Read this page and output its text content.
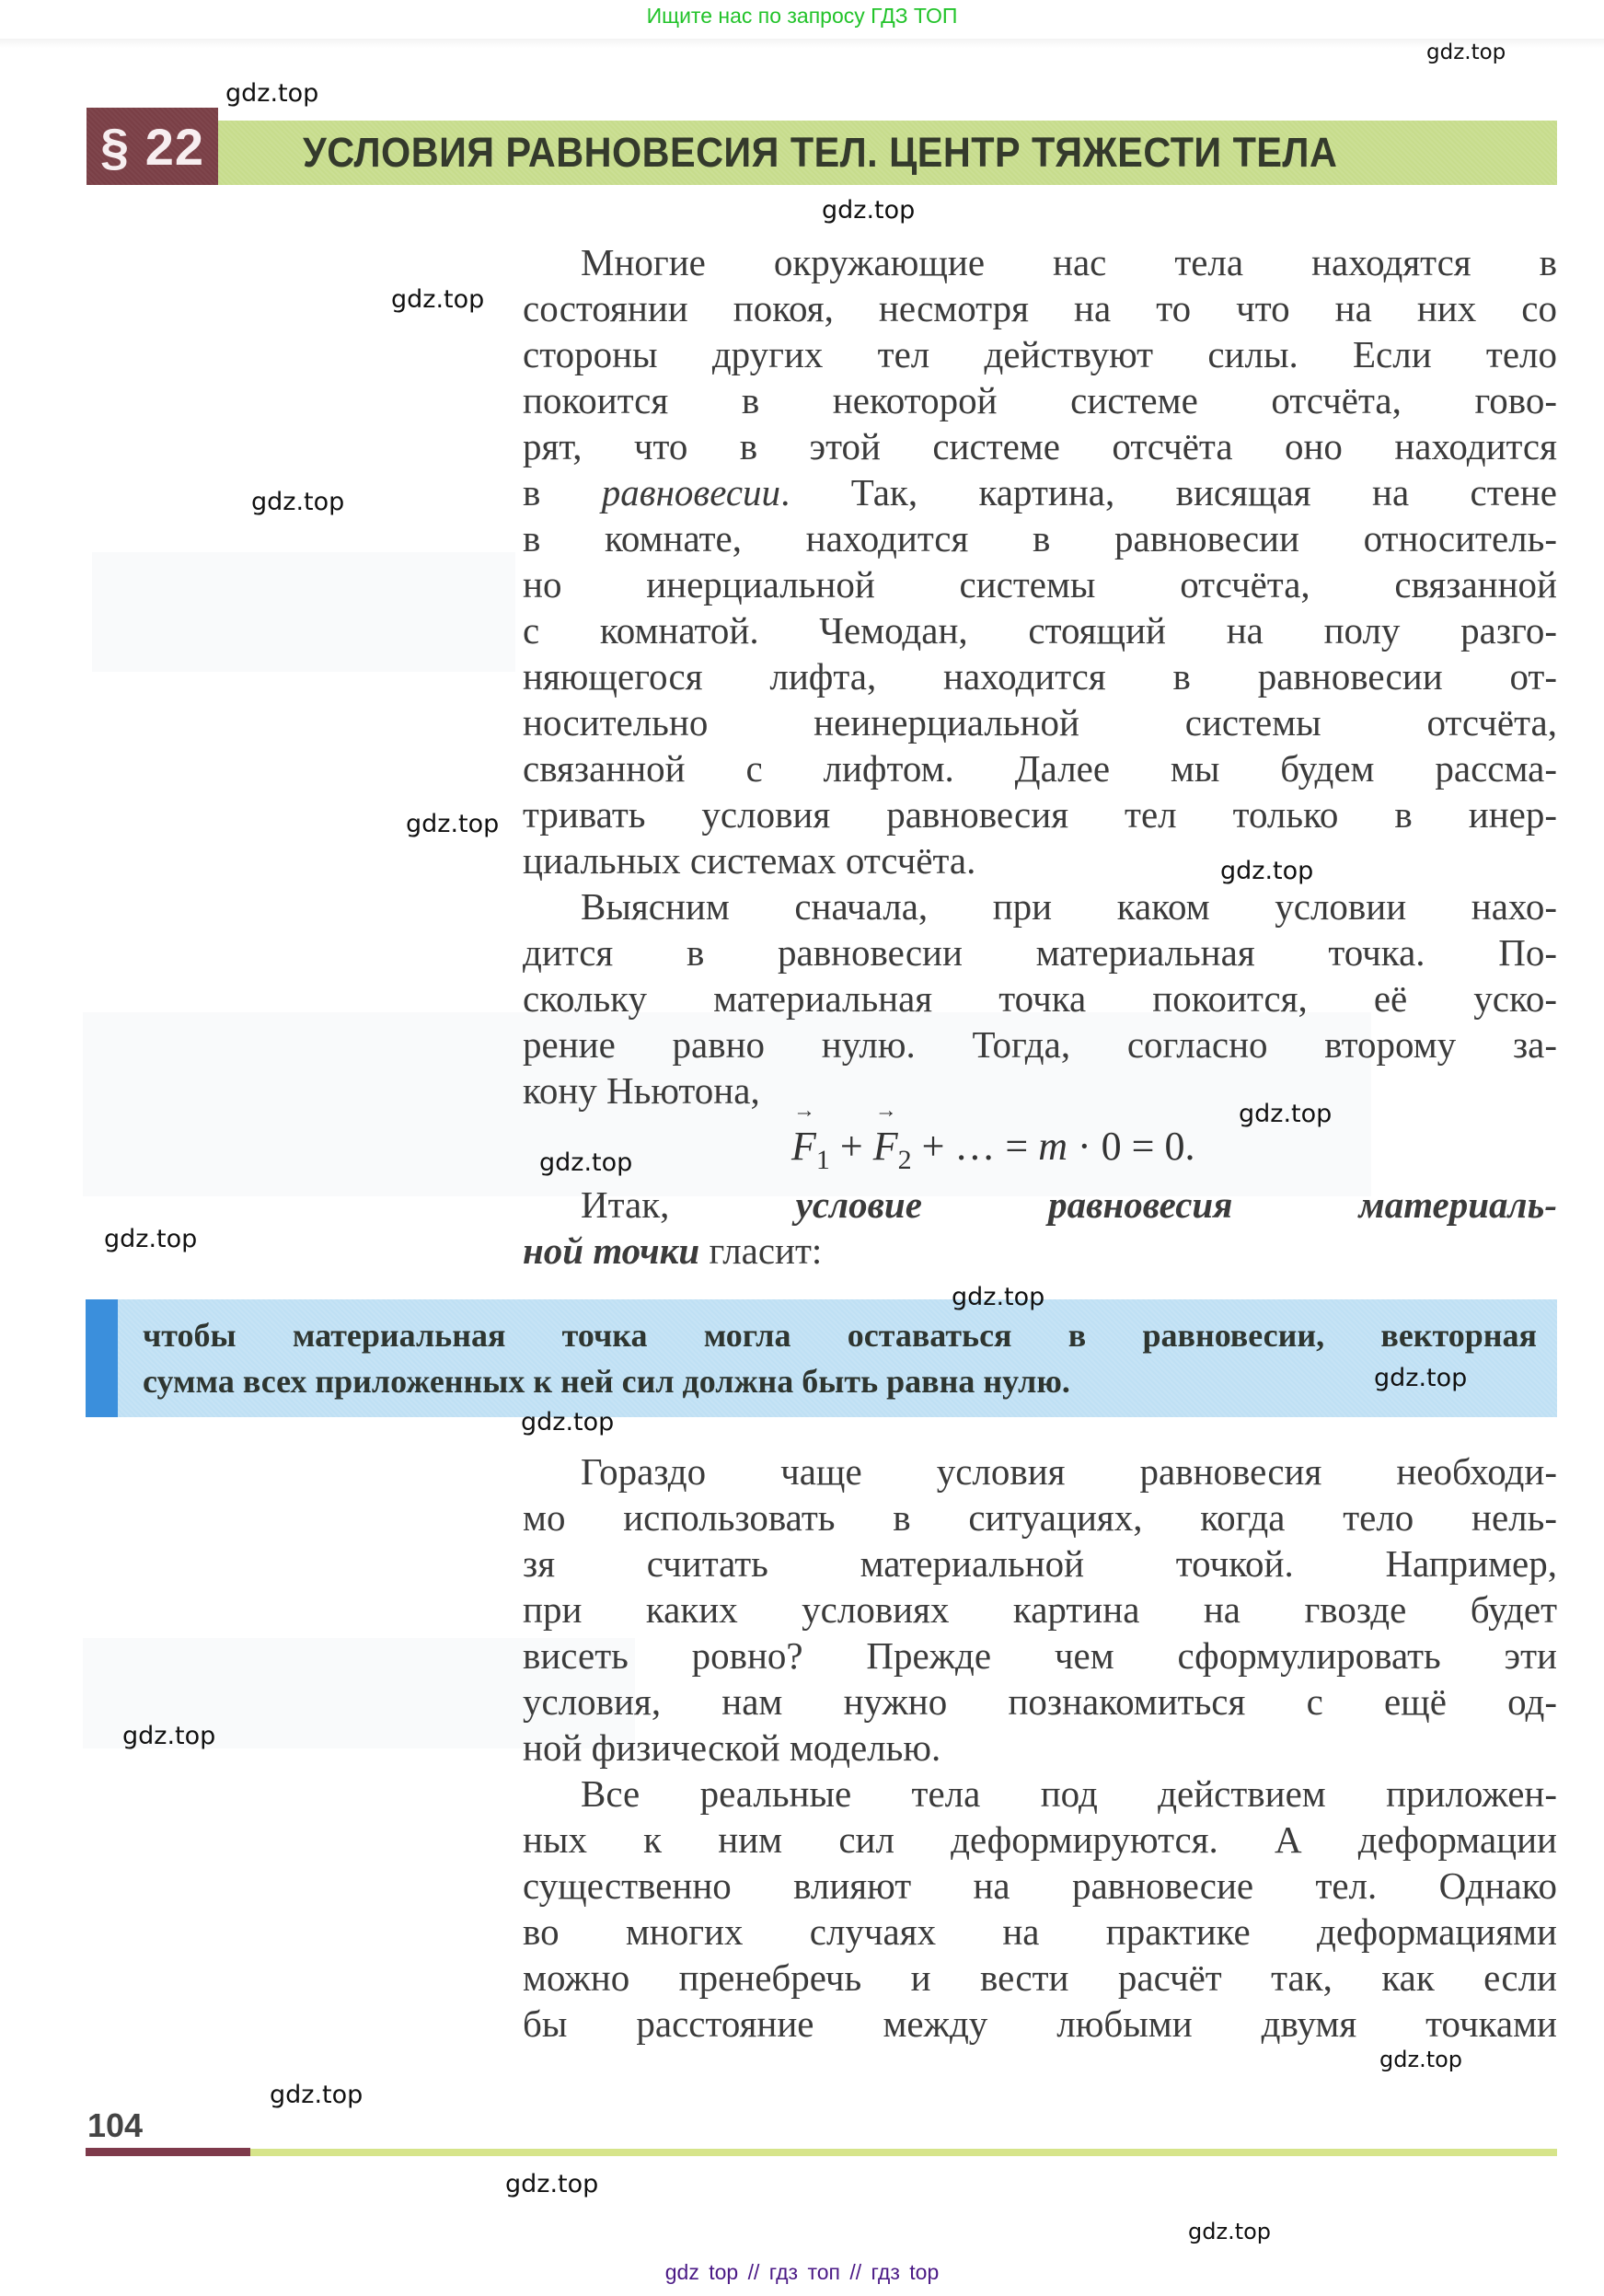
Ищите нас по запросу ГДЗ ТОП
§ 22	УСЛОВИЯ РАВНОВЕСИЯ ТЕЛ. ЦЕНТР ТЯЖЕСТИ ТЕЛА
Многие окружающие нас тела находятся в
состоянии покоя, несмотря на то что на них со
стороны других тел действуют силы. Если тело
покоится в некоторой системе отсчёта, гово-
рят, что в этой системе отсчёта оно находится
в равновесии. Так, картина, висящая на стене
в комнате, находится в равновесии относитель-
но инерциальной системы отсчёта, связанной
с комнатой. Чемодан, стоящий на полу разго-
няющегося лифта, находится в равновесии от-
носительно неинерциальной системы отсчёта,
связанной с лифтом. Далее мы будем рассма-
тривать условия равновесия тел только в инер-
циальных системах отсчёта.
Выясним сначала, при каком условии нахо-
дится в равновесии материальная точка. По-
скольку материальная точка покоится, её уско-
рение равно нулю. Тогда, согласно второму за-
кону Ньютона,
→ $F_1$ + → $F_2$ + … = m · 0 = 0.
Итак, условие равновесия материаль-
ной точки гласит:
чтобы материальная точка могла оставаться в равновесии, векторная
сумма всех приложенных к ней сил должна быть равна нулю.
Гораздо чаще условия равновесия необходи-
мо использовать в ситуациях, когда тело нель-
зя считать материальной точкой. Например,
при каких условиях картина на гвозде будет
висеть ровно? Прежде чем сформулировать эти
условия, нам нужно познакомиться с ещё од-
ной физической моделью.
Все реальные тела под действием приложен-
ных к ним сил деформируются. А деформации
существенно влияют на равновесие тел. Однако
во многих случаях на практике деформациями
можно пренебречь и вести расчёт так, как если
бы расстояние между любыми двумя точками
104
gdz top // гдз топ // гдз top
gdz.top
gdz.top
gdz.top
gdz.top
gdz.top
gdz.top
gdz.top
gdz.top
gdz.top
gdz.top
gdz.top
gdz.top
gdz.top
gdz.top
gdz.top
gdz.top
gdz.top
gdz.top
